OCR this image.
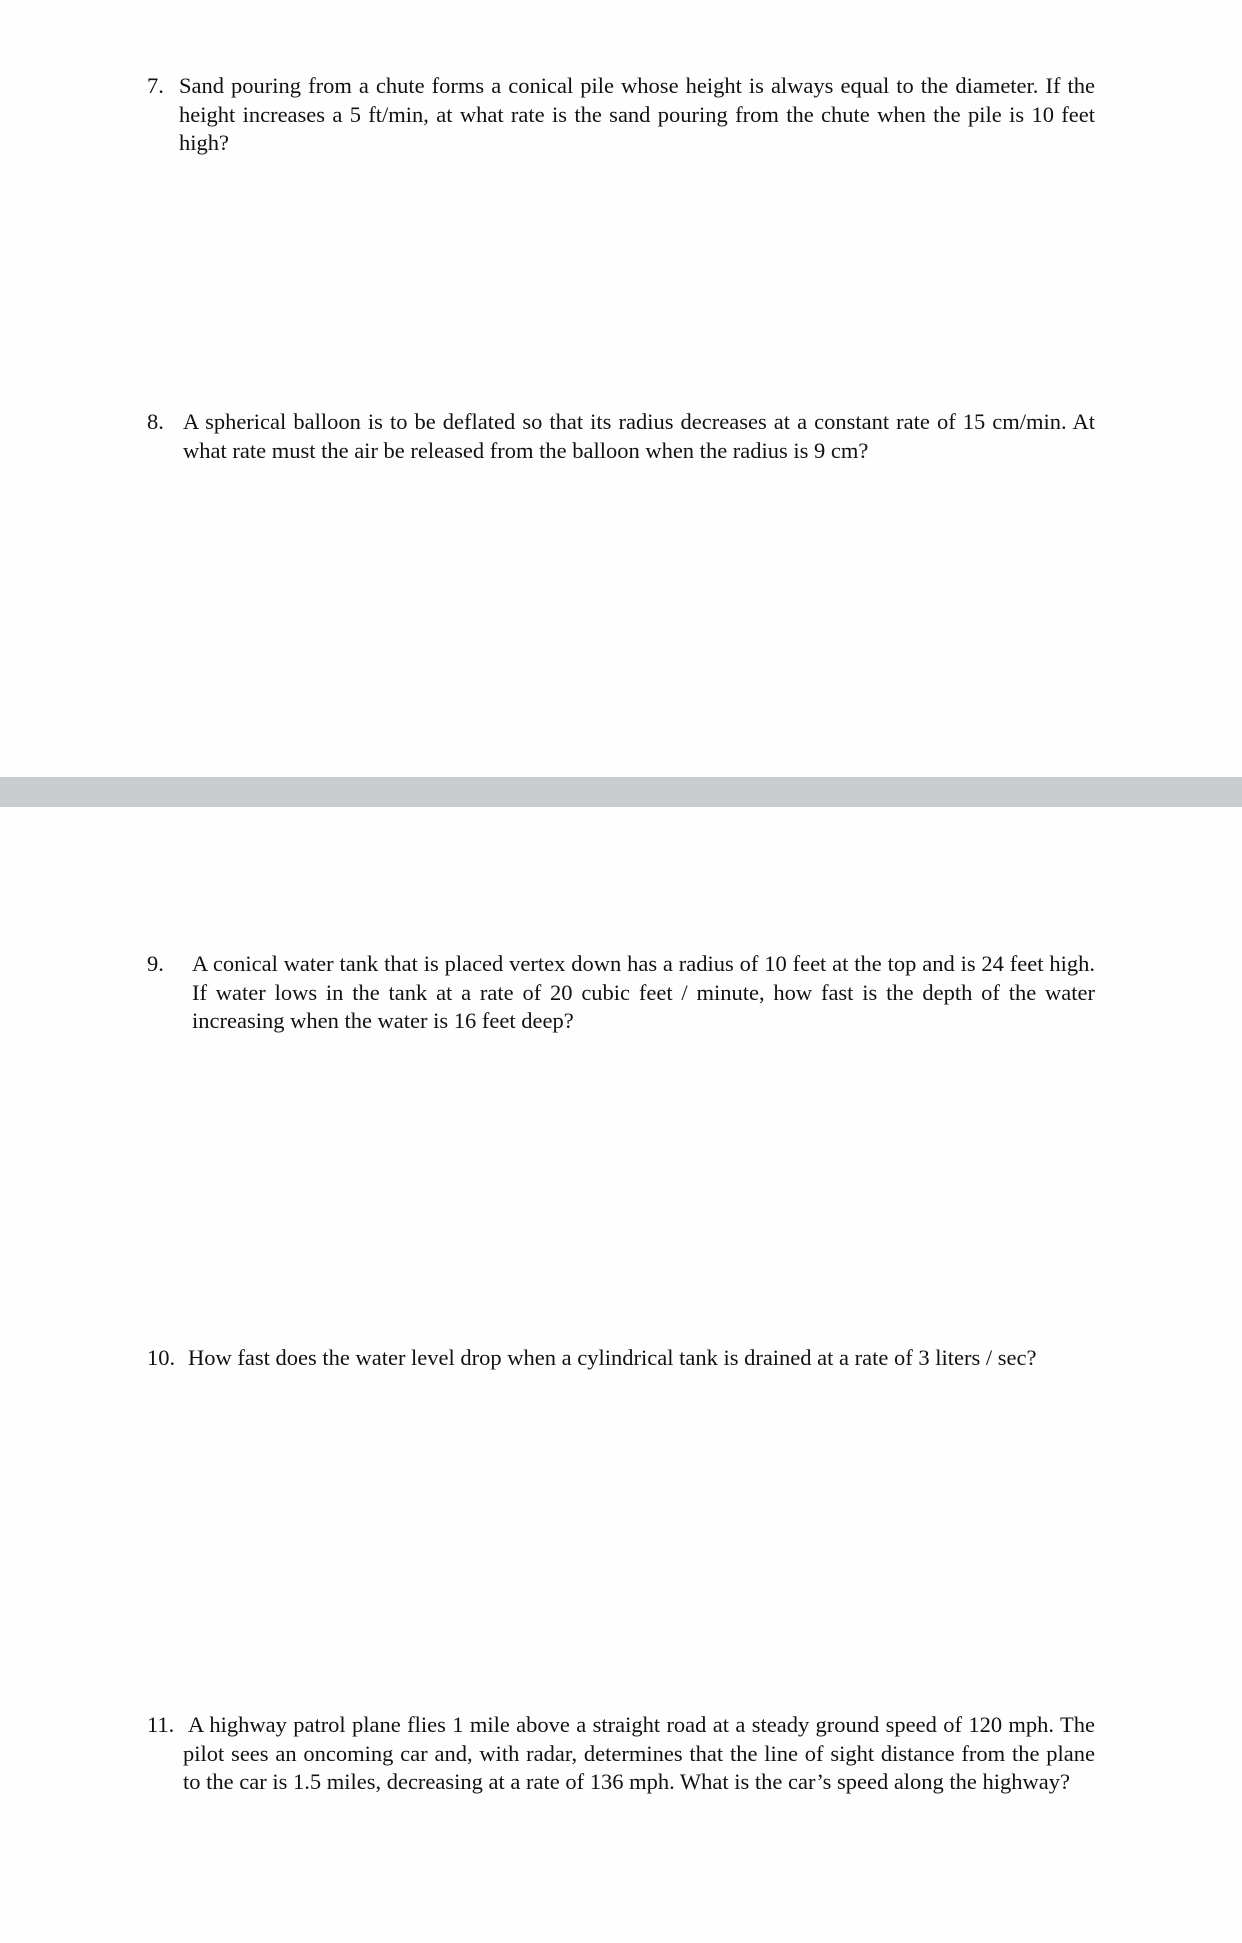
7. Sand pouring from a chute forms a conical pile whose height is always equal to the diameter. If the height increases a 5 ft/min, at what rate is the sand pouring from the chute when the pile is 10 feet high?
8. A spherical balloon is to be deflated so that its radius decreases at a constant rate of 15 cm/min. At what rate must the air be released from the balloon when the radius is 9 cm?
9. A conical water tank that is placed vertex down has a radius of 10 feet at the top and is 24 feet high. If water lows in the tank at a rate of 20 cubic feet / minute, how fast is the depth of the water increasing when the water is 16 feet deep?
10. How fast does the water level drop when a cylindrical tank is drained at a rate of 3 liters / sec?
11. A highway patrol plane flies 1 mile above a straight road at a steady ground speed of 120 mph. The pilot sees an oncoming car and, with radar, determines that the line of sight distance from the plane to the car is 1.5 miles, decreasing at a rate of 136 mph. What is the car’s speed along the highway?
